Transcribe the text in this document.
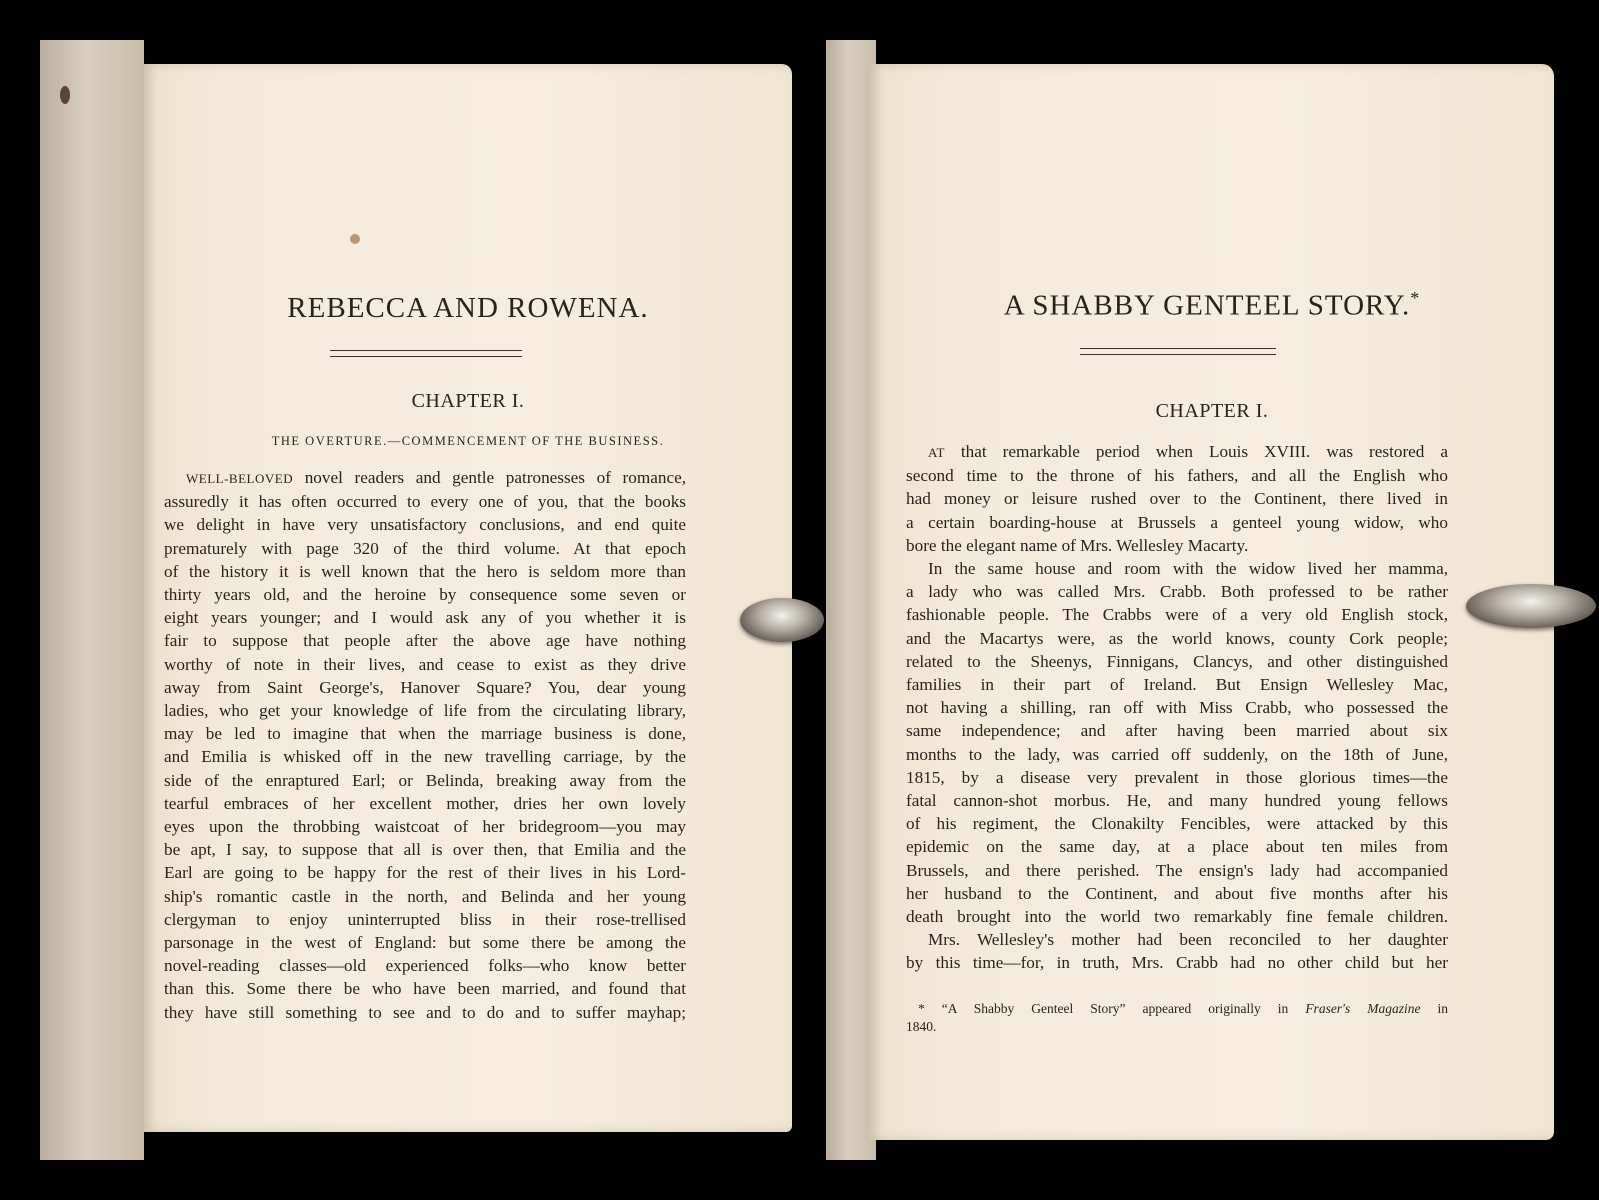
REBECCA AND ROWENA.
CHAPTER I.
THE OVERTURE.—COMMENCEMENT OF THE BUSINESS.
WELL-BELOVED novel readers and gentle patronesses of romance,
assuredly it has often occurred to every one of you, that the books
we delight in have very unsatisfactory conclusions, and end quite
prematurely with page 320 of the third volume. At that epoch
of the history it is well known that the hero is seldom more than
thirty years old, and the heroine by consequence some seven or
eight years younger; and I would ask any of you whether it is
fair to suppose that people after the above age have nothing
worthy of note in their lives, and cease to exist as they drive
away from Saint George's, Hanover Square? You, dear young
ladies, who get your knowledge of life from the circulating library,
may be led to imagine that when the marriage business is done,
and Emilia is whisked off in the new travelling carriage, by the
side of the enraptured Earl; or Belinda, breaking away from the
tearful embraces of her excellent mother, dries her own lovely
eyes upon the throbbing waistcoat of her bridegroom—you may
be apt, I say, to suppose that all is over then, that Emilia and the
Earl are going to be happy for the rest of their lives in his Lord-
ship's romantic castle in the north, and Belinda and her young
clergyman to enjoy uninterrupted bliss in their rose-trellised
parsonage in the west of England: but some there be among the
novel-reading classes—old experienced folks—who know better
than this. Some there be who have been married, and found that
they have still something to see and to do and to suffer mayhap;
A SHABBY GENTEEL STORY.*
CHAPTER I.
AT that remarkable period when Louis XVIII. was restored a
second time to the throne of his fathers, and all the English who
had money or leisure rushed over to the Continent, there lived in
a certain boarding-house at Brussels a genteel young widow, who
bore the elegant name of Mrs. Wellesley Macarty.
In the same house and room with the widow lived her mamma,
a lady who was called Mrs. Crabb. Both professed to be rather
fashionable people. The Crabbs were of a very old English stock,
and the Macartys were, as the world knows, county Cork people;
related to the Sheenys, Finnigans, Clancys, and other distinguished
families in their part of Ireland. But Ensign Wellesley Mac,
not having a shilling, ran off with Miss Crabb, who possessed the
same independence; and after having been married about six
months to the lady, was carried off suddenly, on the 18th of June,
1815, by a disease very prevalent in those glorious times—the
fatal cannon-shot morbus. He, and many hundred young fellows
of his regiment, the Clonakilty Fencibles, were attacked by this
epidemic on the same day, at a place about ten miles from
Brussels, and there perished. The ensign's lady had accompanied
her husband to the Continent, and about five months after his
death brought into the world two remarkably fine female children.
Mrs. Wellesley's mother had been reconciled to her daughter
by this time—for, in truth, Mrs. Crabb had no other child but her
* “A Shabby Genteel Story” appeared originally in Fraser's Magazine in
1840.
